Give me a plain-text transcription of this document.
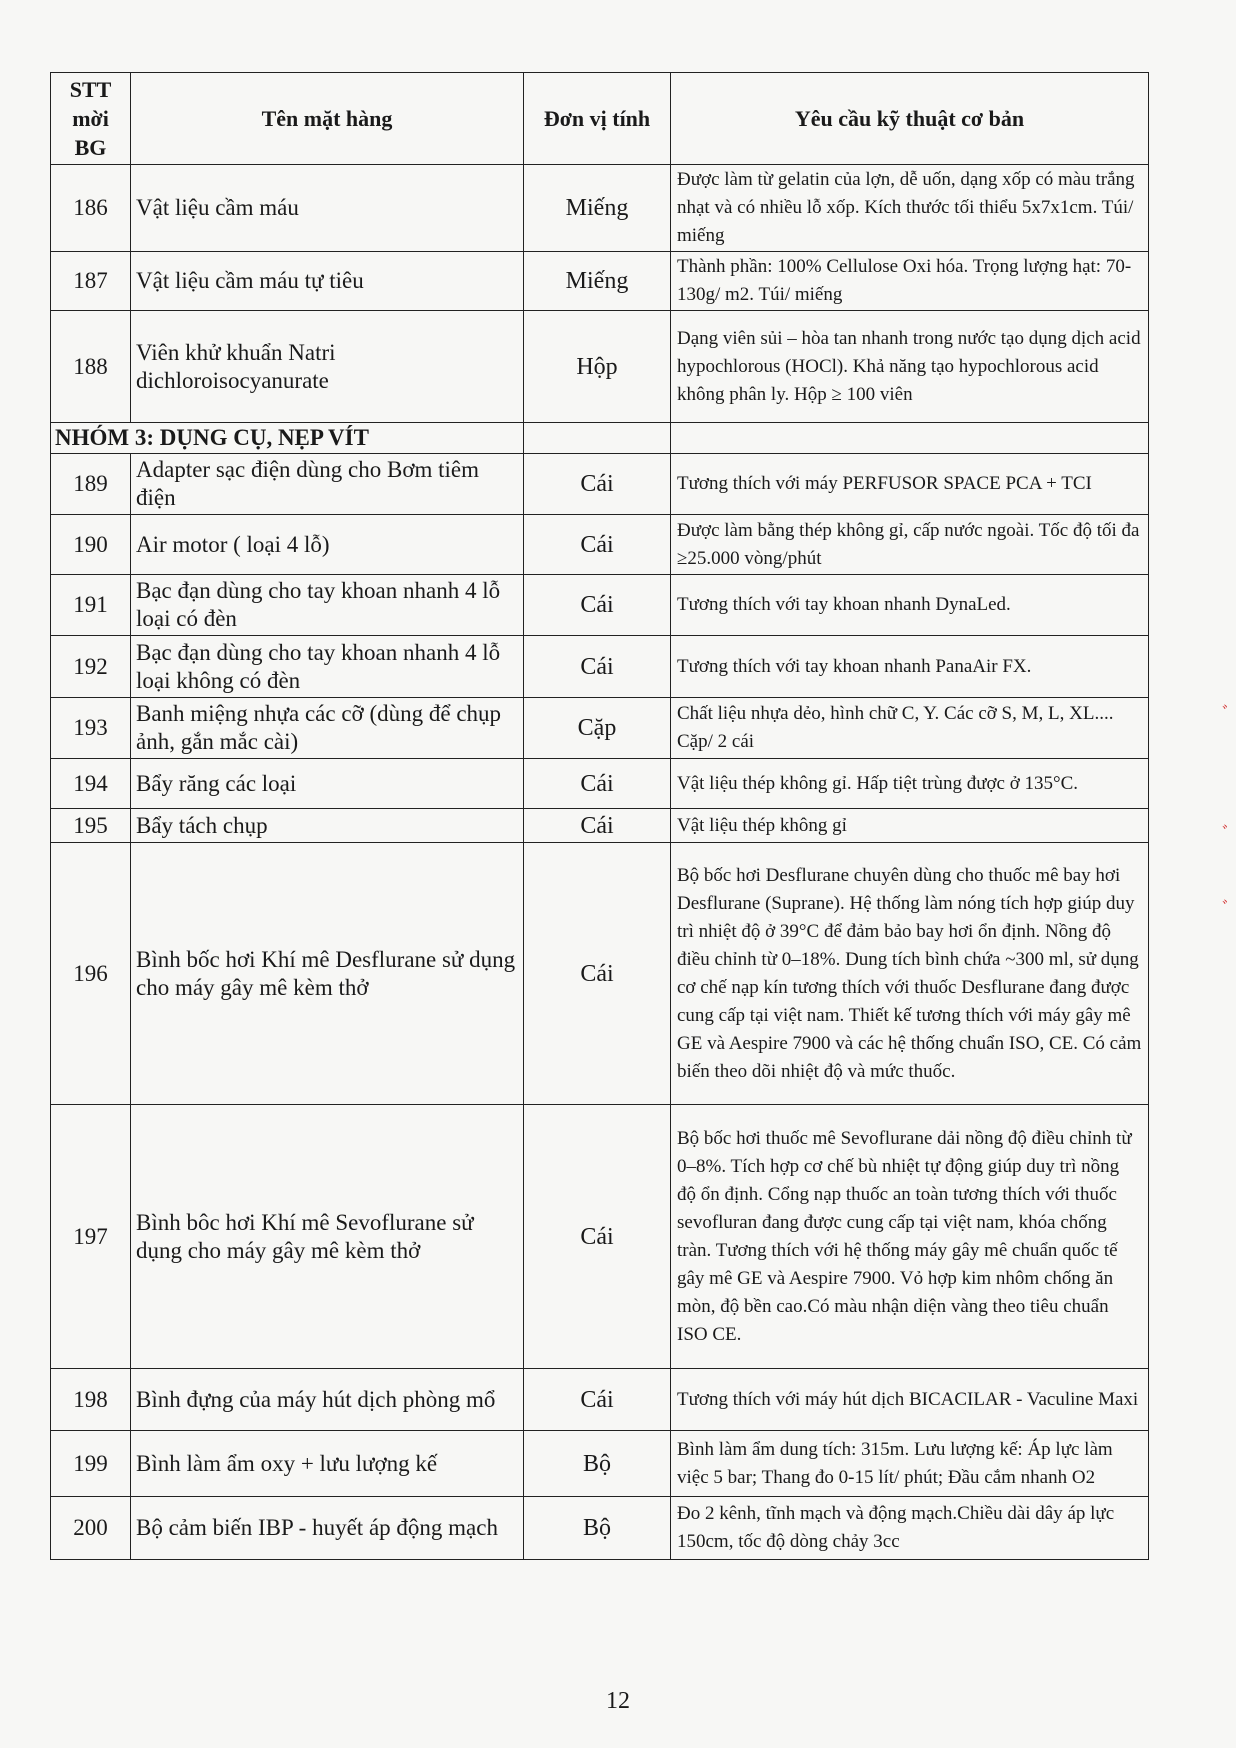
STT mời BG	Tên mặt hàng	Đơn vị tính	Yêu cầu kỹ thuật cơ bản
186	Vật liệu cầm máu	Miếng	Được làm từ gelatin của lợn, dễ uốn, dạng xốp có màu trắng nhạt và có nhiều lỗ xốp. Kích thước tối thiểu 5x7x1cm. Túi/ miếng
187	Vật liệu cầm máu tự tiêu	Miếng	Thành phần: 100% Cellulose Oxi hóa. Trọng lượng hạt: 70-130g/ m2. Túi/ miếng
188	Viên khử khuẩn Natri dichloroisocyanurate	Hộp	Dạng viên sủi – hòa tan nhanh trong nước tạo dụng dịch acid hypochlorous (HOCl). Khả năng tạo hypochlorous acid không phân ly. Hộp ≥ 100 viên
NHÓM 3: DỤNG CỤ, NẸP VÍT			
189	Adapter sạc điện dùng cho Bơm tiêm điện	Cái	Tương thích với máy PERFUSOR SPACE PCA + TCI
190	Air motor ( loại 4 lỗ)	Cái	Được làm bằng thép không gỉ, cấp nước ngoài. Tốc độ tối đa ≥25.000 vòng/phút
191	Bạc đạn dùng cho tay khoan nhanh 4 lỗ loại có đèn	Cái	Tương thích với tay khoan nhanh DynaLed.
192	Bạc đạn dùng cho tay khoan nhanh 4 lỗ loại không có đèn	Cái	Tương thích với tay khoan nhanh PanaAir FX.
193	Banh miệng nhựa các cỡ (dùng để chụp ảnh, gắn mắc cài)	Cặp	Chất liệu nhựa dẻo, hình chữ C, Y. Các cỡ S, M, L, XL.... Cặp/ 2 cái
194	Bẩy răng các loại	Cái	Vật liệu thép không gỉ. Hấp tiệt trùng được ở 135°C.
195	Bẩy tách chụp	Cái	Vật liệu thép không gỉ
196	Bình bốc hơi Khí mê Desflurane sử dụng cho máy gây mê kèm thở	Cái	Bộ bốc hơi Desflurane chuyên dùng cho thuốc mê bay hơi Desflurane (Suprane). Hệ thống làm nóng tích hợp giúp duy trì nhiệt độ ở 39°C để đảm bảo bay hơi ổn định. Nồng độ điều chỉnh từ 0–18%. Dung tích bình chứa ~300 ml, sử dụng cơ chế nạp kín tương thích với thuốc Desflurane đang được cung cấp tại việt nam. Thiết kế tương thích với máy gây mê GE và Aespire 7900 và các hệ thống chuẩn ISO, CE. Có cảm biến theo dõi nhiệt độ và mức thuốc.
197	Bình bôc hơi Khí mê Sevoflurane sử dụng cho máy gây mê kèm thở	Cái	Bộ bốc hơi thuốc mê Sevoflurane dải nồng độ điều chỉnh từ 0–8%. Tích hợp cơ chế bù nhiệt tự động giúp duy trì nồng độ ổn định. Cổng nạp thuốc an toàn tương thích với thuốc sevofluran đang được cung cấp tại việt nam, khóa chống tràn. Tương thích với hệ thống máy gây mê chuẩn quốc tế gây mê GE và Aespire 7900. Vỏ hợp kim nhôm chống ăn mòn, độ bền cao.Có màu nhận diện vàng theo tiêu chuẩn ISO CE.
198	Bình đựng của máy hút dịch phòng mổ	Cái	Tương thích với máy hút dịch BICACILAR - Vaculine Maxi
199	Bình làm ẩm oxy + lưu lượng kế	Bộ	Bình làm ẩm dung tích: 315m. Lưu lượng kế: Áp lực làm việc 5 bar; Thang đo 0-15 lít/ phút; Đầu cắm nhanh O2
200	Bộ cảm biến IBP - huyết áp động mạch	Bộ	Đo 2 kênh, tĩnh mạch và động mạch.Chiều dài dây áp lực 150cm, tốc độ dòng chảy 3cc
12
ﾞ
ﾞ
ﾞ
